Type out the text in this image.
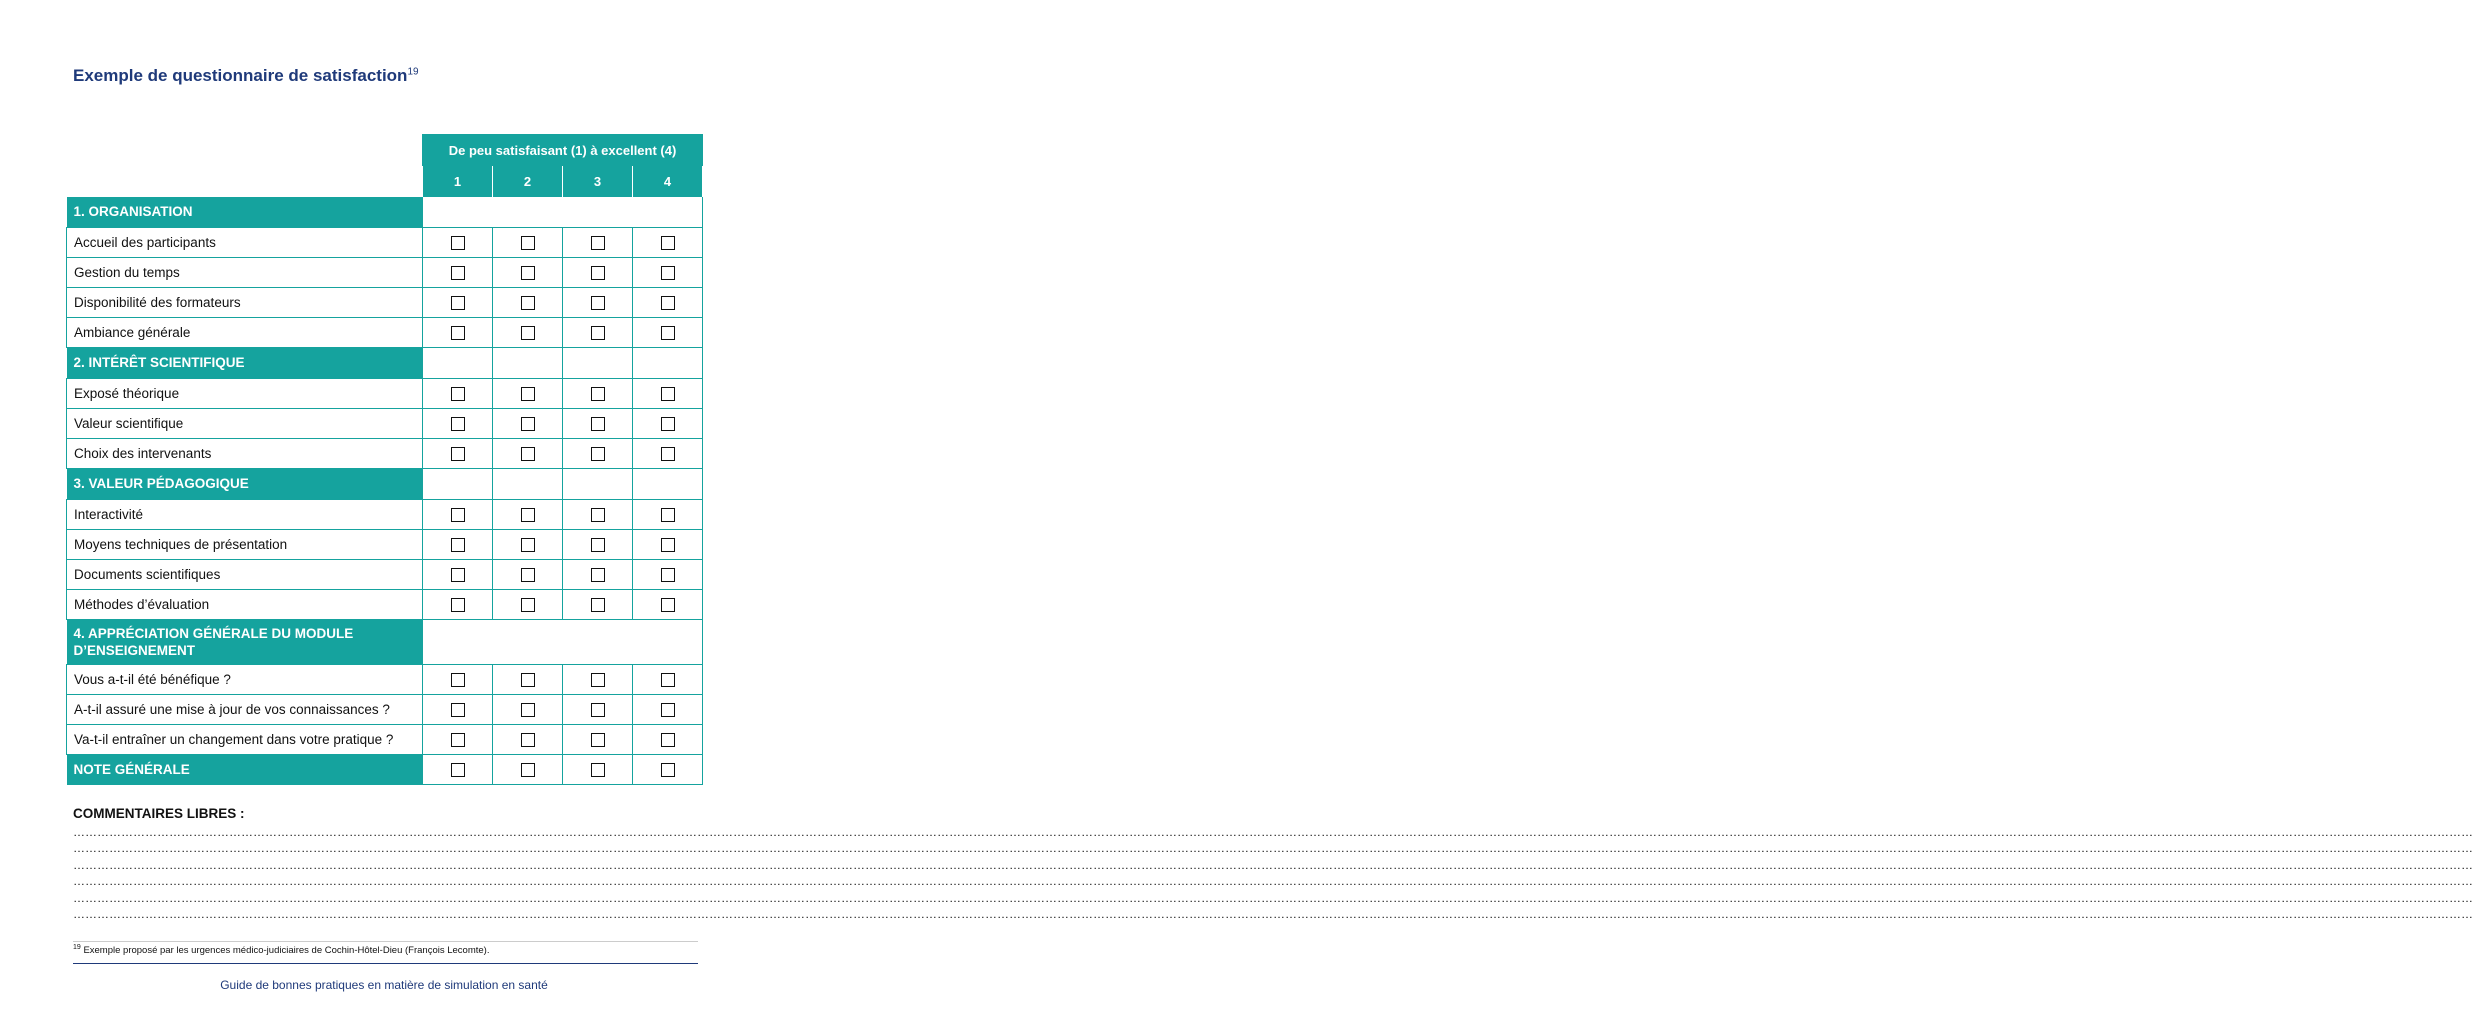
Exemple de questionnaire de satisfaction$^{19}$
	De peu satisfaisant (1) à excellent (4)			
	1	2	3	4
1. ORGANISATION				
Accueil des participants				
Gestion du temps				
Disponibilité des formateurs				
Ambiance générale				
2. INTÉRÊT SCIENTIFIQUE				
Exposé théorique				
Valeur scientifique				
Choix des intervenants				
3. VALEUR PÉDAGOGIQUE				
Interactivité				
Moyens techniques de présentation				
Documents scientifiques				
Méthodes d’évaluation				
4. APPRÉCIATION GÉNÉRALE DU MODULE D’ENSEIGNEMENT				
Vous a-t-il été bénéfique ?				
A-t-il assuré une mise à jour de vos connaissances ?				
Va-t-il entraîner un changement dans votre pratique ?				
NOTE GÉNÉRALE				
COMMENTAIRES LIBRES :
……………………………………………………………………………………………………………………………………………………………………………………………………………………………………………………………………………………………………………………………………………………………………………………………………………………………………………………………………………………………………………………………………………………
……………………………………………………………………………………………………………………………………………………………………………………………………………………………………………………………………………………………………………………………………………………………………………………………………………………………………………………………………………………………………………………………………………………
……………………………………………………………………………………………………………………………………………………………………………………………………………………………………………………………………………………………………………………………………………………………………………………………………………………………………………………………………………………………………………………………………………………
……………………………………………………………………………………………………………………………………………………………………………………………………………………………………………………………………………………………………………………………………………………………………………………………………………………………………………………………………………………………………………………………………………………
……………………………………………………………………………………………………………………………………………………………………………………………………………………………………………………………………………………………………………………………………………………………………………………………………………………………………………………………………………………………………………………………………………………
……………………………………………………………………………………………………………………………………………………………………………………………………………………………………………………………………………………………………………………………………………………………………………………………………………………………………………………………………………………………………………………………………………………
$^{19}$ Exemple proposé par les urgences médico-judiciaires de Cochin-Hôtel-Dieu (François Lecomte).
Guide de bonnes pratiques en matière de simulation en santé
